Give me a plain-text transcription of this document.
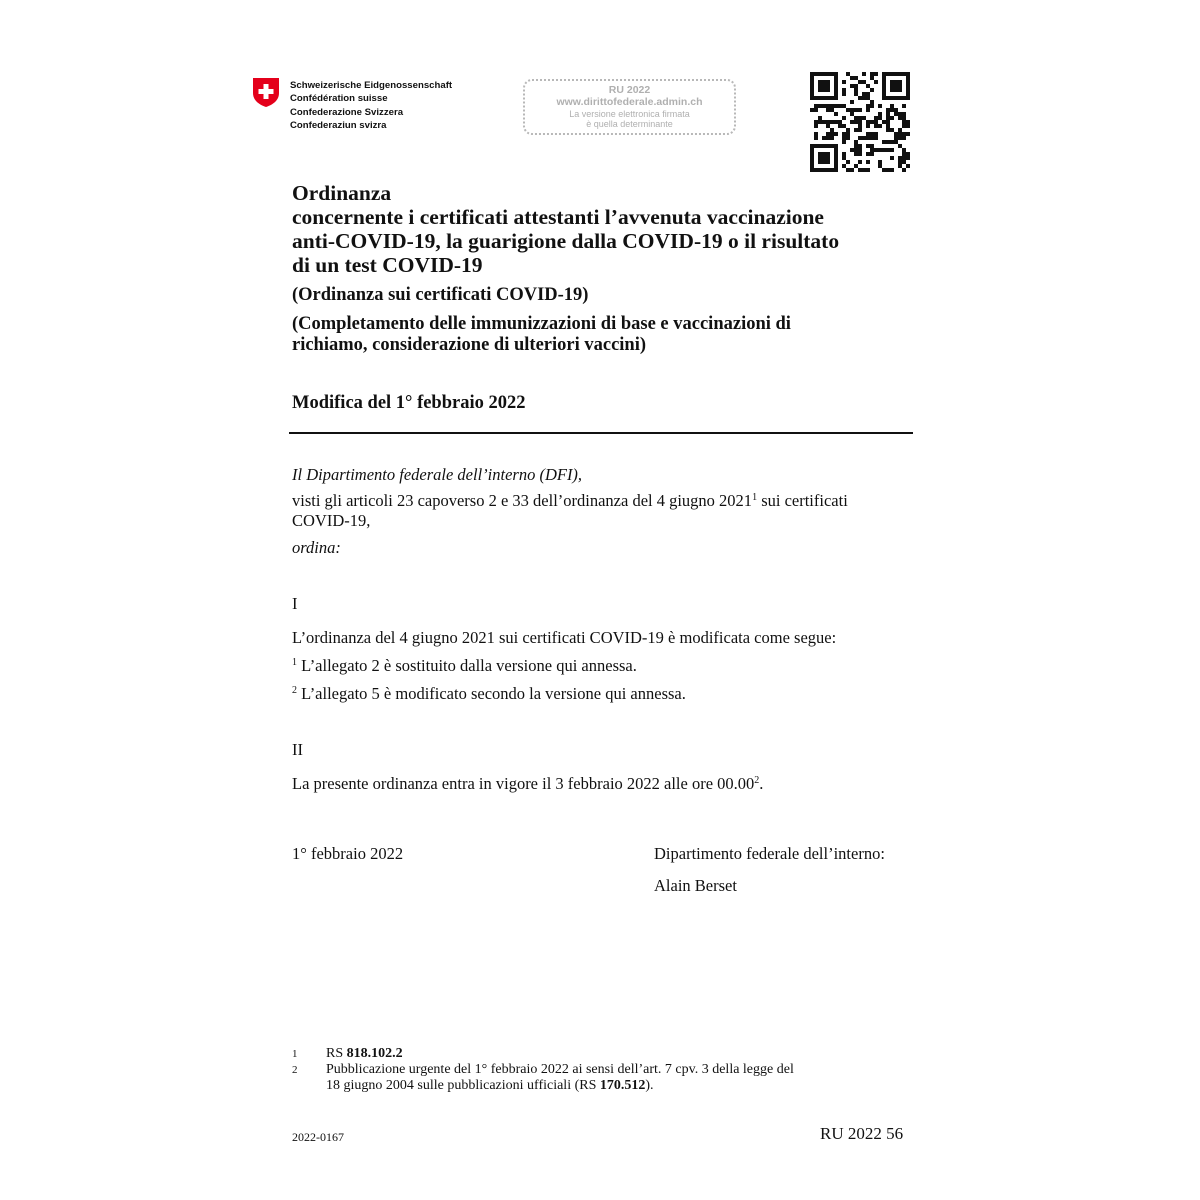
Schweizerische Eidgenossenschaft
Confédération suisse
Confederazione Svizzera
Confederaziun svizra
RU 2022
www.dirittofederale.admin.ch
La versione elettronica firmata
è quella determinante
Ordinanza
concernente i certificati attestanti l’avvenuta vaccinazione
anti-COVID-19, la guarigione dalla COVID-19 o il risultato
di un test COVID-19
(Ordinanza sui certificati COVID-19)
(Completamento delle immunizzazioni di base e vaccinazioni di
richiamo, considerazione di ulteriori vaccini)
Modifica del 1° febbraio 2022
Il Dipartimento federale dell’interno (DFI),
visti gli articoli 23 capoverso 2 e 33 dell’ordinanza del 4 giugno 2021$^1$ sui certificati
COVID-19,
ordina:
I
L’ordinanza del 4 giugno 2021 sui certificati COVID-19 è modificata come segue:
$^1$ L’allegato 2 è sostituito dalla versione qui annessa.
$^2$ L’allegato 5 è modificato secondo la versione qui annessa.
II
La presente ordinanza entra in vigore il 3 febbraio 2022 alle ore 00.00$^2$.
1° febbraio 2022	Dipartimento federale dell’interno:
Alain Berset
1 RS 818.102.2
2 Pubblicazione urgente del 1° febbraio 2022 ai sensi dell’art. 7 cpv. 3 della legge del
18 giugno 2004 sulle pubblicazioni ufficiali (RS 170.512).
2022-0167	RU 2022 56
